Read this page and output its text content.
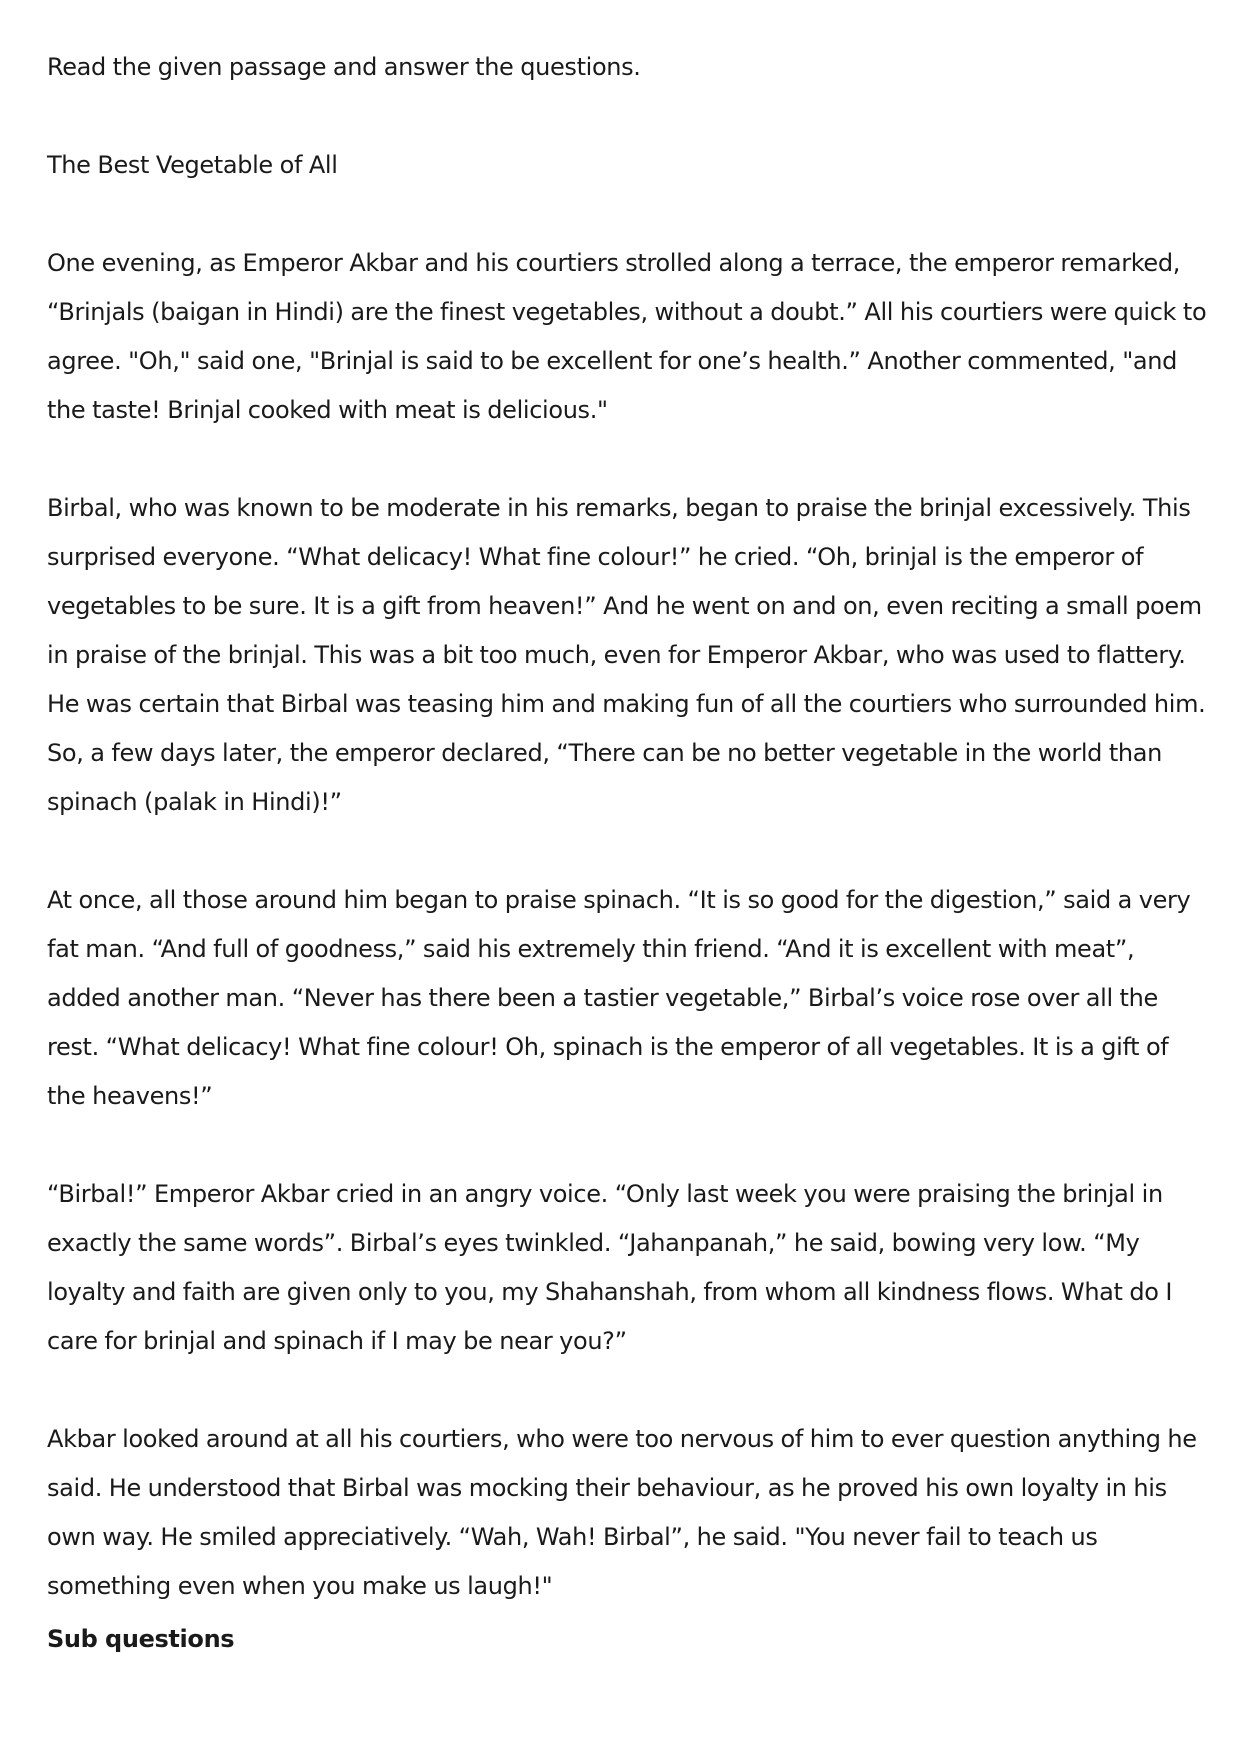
Read the given passage and answer the questions.

The Best Vegetable of All

One evening, as Emperor Akbar and his courtiers strolled along a terrace, the emperor remarked, “Brinjals (baigan in Hindi) are the finest vegetables, without a doubt.” All his courtiers were quick to agree. "Oh," said one, "Brinjal is said to be excellent for one’s health.” Another commented, "and the taste! Brinjal cooked with meat is delicious."

Birbal, who was known to be moderate in his remarks, began to praise the brinjal excessively. This surprised everyone. “What delicacy! What fine colour!” he cried. “Oh, brinjal is the emperor of vegetables to be sure. It is a gift from heaven!” And he went on and on, even reciting a small poem in praise of the brinjal. This was a bit too much, even for Emperor Akbar, who was used to flattery. He was certain that Birbal was teasing him and making fun of all the courtiers who surrounded him. So, a few days later, the emperor declared, “There can be no better vegetable in the world than spinach (palak in Hindi)!”

At once, all those around him began to praise spinach. “It is so good for the digestion,” said a very fat man. “And full of goodness,” said his extremely thin friend. “And it is excellent with meat”, added another man. “Never has there been a tastier vegetable,” Birbal’s voice rose over all the rest. “What delicacy! What fine colour! Oh, spinach is the emperor of all vegetables. It is a gift of the heavens!”

“Birbal!” Emperor Akbar cried in an angry voice. “Only last week you were praising the brinjal in exactly the same words”. Birbal’s eyes twinkled. “Jahanpanah,” he said, bowing very low. “My loyalty and faith are given only to you, my Shahanshah, from whom all kindness flows. What do I care for brinjal and spinach if I may be near you?”

Akbar looked around at all his courtiers, who were too nervous of him to ever question anything he said. He understood that Birbal was mocking their behaviour, as he proved his own loyalty in his own way. He smiled appreciatively. “Wah, Wah! Birbal”, he said. "You never fail to teach us something even when you make us laugh!"

Sub questions
